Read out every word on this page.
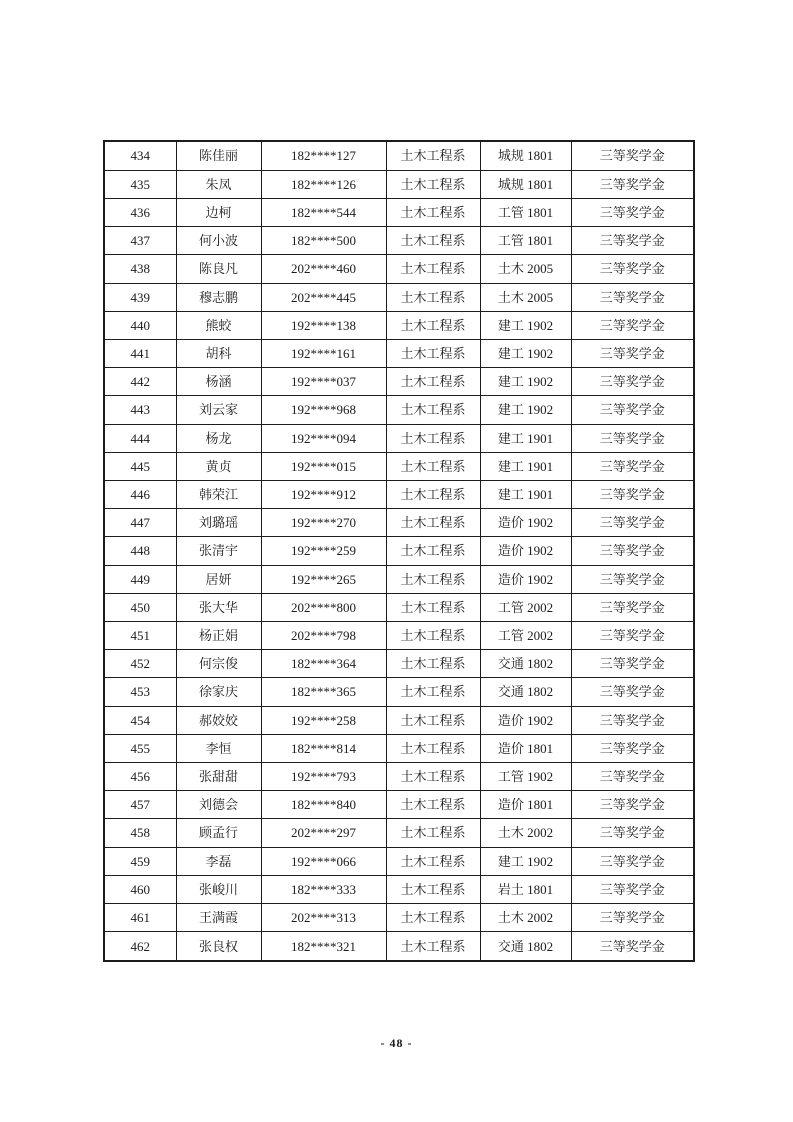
434	陈佳丽	182****127	土木工程系	城规 1801	三等奖学金
435	朱凤	182****126	土木工程系	城规 1801	三等奖学金
436	边柯	182****544	土木工程系	工管 1801	三等奖学金
437	何小波	182****500	土木工程系	工管 1801	三等奖学金
438	陈良凡	202****460	土木工程系	土木 2005	三等奖学金
439	穆志鹏	202****445	土木工程系	土木 2005	三等奖学金
440	熊蛟	192****138	土木工程系	建工 1902	三等奖学金
441	胡科	192****161	土木工程系	建工 1902	三等奖学金
442	杨涵	192****037	土木工程系	建工 1902	三等奖学金
443	刘云家	192****968	土木工程系	建工 1902	三等奖学金
444	杨龙	192****094	土木工程系	建工 1901	三等奖学金
445	黄贞	192****015	土木工程系	建工 1901	三等奖学金
446	韩荣江	192****912	土木工程系	建工 1901	三等奖学金
447	刘璐瑶	192****270	土木工程系	造价 1902	三等奖学金
448	张清宇	192****259	土木工程系	造价 1902	三等奖学金
449	居妍	192****265	土木工程系	造价 1902	三等奖学金
450	张大华	202****800	土木工程系	工管 2002	三等奖学金
451	杨正娟	202****798	土木工程系	工管 2002	三等奖学金
452	何宗俊	182****364	土木工程系	交通 1802	三等奖学金
453	徐家庆	182****365	土木工程系	交通 1802	三等奖学金
454	郝姣姣	192****258	土木工程系	造价 1902	三等奖学金
455	李恒	182****814	土木工程系	造价 1801	三等奖学金
456	张甜甜	192****793	土木工程系	工管 1902	三等奖学金
457	刘德会	182****840	土木工程系	造价 1801	三等奖学金
458	顾孟行	202****297	土木工程系	土木 2002	三等奖学金
459	李磊	192****066	土木工程系	建工 1902	三等奖学金
460	张峻川	182****333	土木工程系	岩土 1801	三等奖学金
461	王满霞	202****313	土木工程系	土木 2002	三等奖学金
462	张良权	182****321	土木工程系	交通 1802	三等奖学金
- 48 -
